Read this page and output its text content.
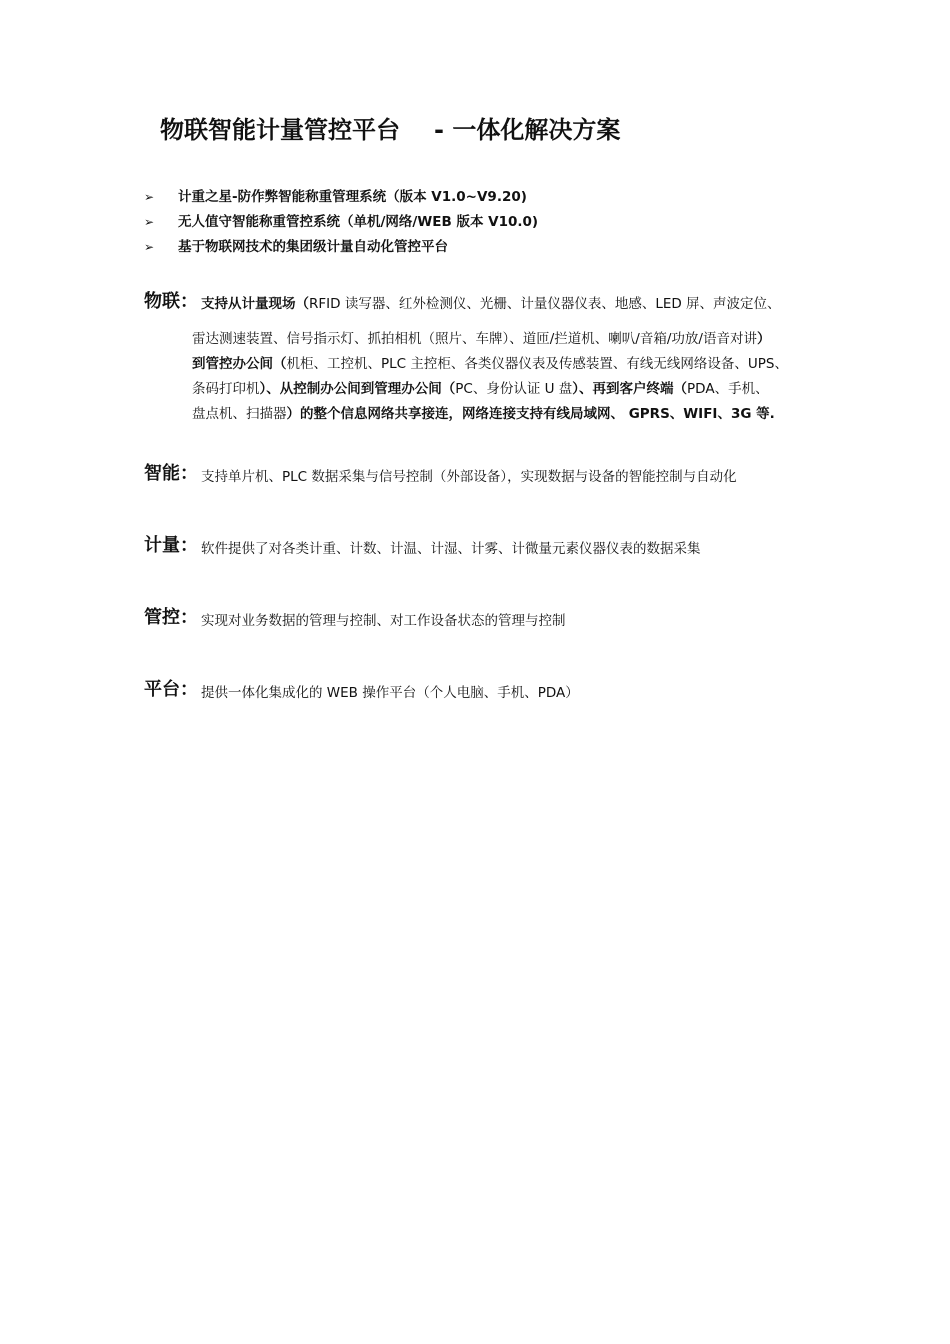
物联智能计量管控平台 - 一体化解决方案
➢ 计重之星-防作弊智能称重管理系统（版本 V1.0~V9.20)
➢ 无人值守智能称重管控系统（单机/网络/WEB 版本 V10.0)
➢ 基于物联网技术的集团级计量自动化管控平台
物联： 支持从计量现场（RFID 读写器、红外检测仪、光栅、计量仪器仪表、地感、LED 屏、声波定位、
雷达测速装置、信号指示灯、抓拍相机（照片、车牌）、道匝/拦道机、喇叭/音箱/功放/语音对讲）
到管控办公间（机柜、工控机、PLC 主控柜、各类仪器仪表及传感装置、有线无线网络设备、UPS、
条码打印机）、从控制办公间到管理办公间（PC、身份认证 U 盘）、再到客户终端（PDA、手机、
盘点机、扫描器）的整个信息网络共享接连，网络连接支持有线局域网、 GPRS、WIFI、3G 等.
智能： 支持单片机、PLC 数据采集与信号控制（外部设备），实现数据与设备的智能控制与自动化
计量： 软件提供了对各类计重、计数、计温、计湿、计雾、计微量元素仪器仪表的数据采集
管控： 实现对业务数据的管理与控制、对工作设备状态的管理与控制
平台： 提供一体化集成化的 WEB 操作平台（个人电脑、手机、PDA）
